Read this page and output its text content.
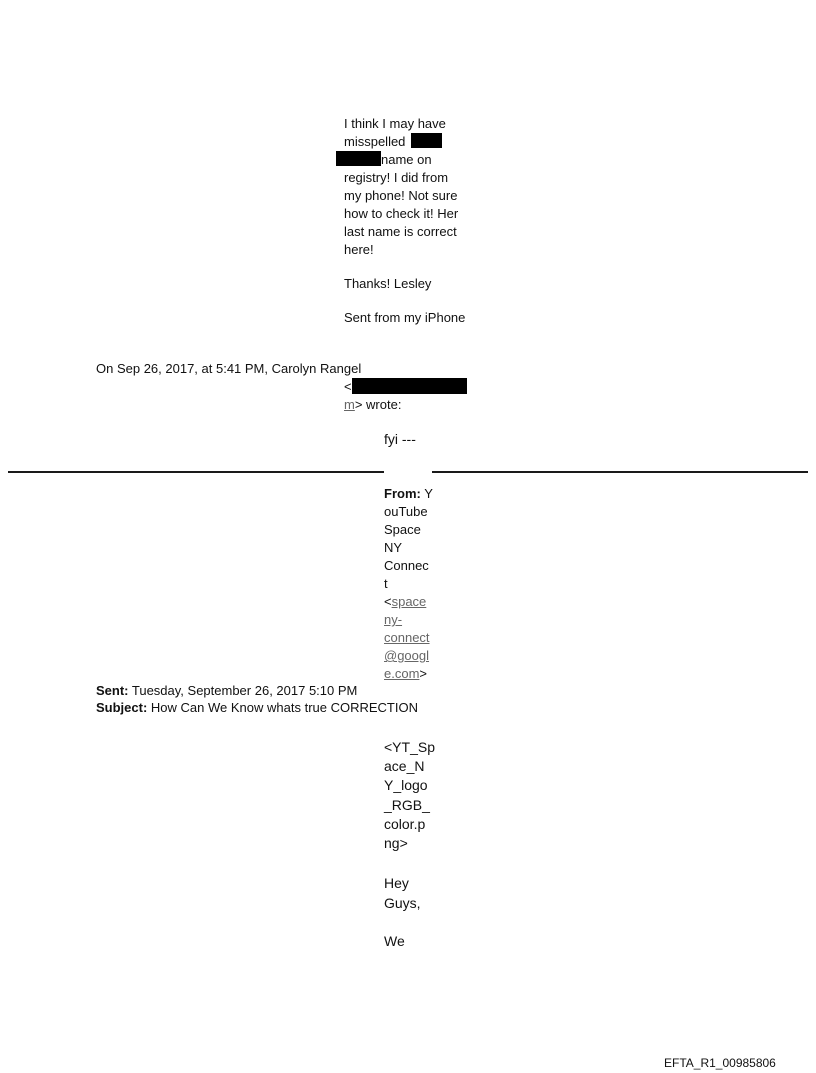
I think I may have
misspelled
name on
registry! I did from
my phone! Not sure
how to check it! Her
last name is correct
here!
Thanks! Lesley
Sent from my iPhone
On Sep 26, 2017, at 5:41 PM, Carolyn Rangel
<
m> wrote:
fyi ---
From: Y
ouTube
Space
NY
Connec
t
<space
ny-
connect
@googl
e.com>
Sent: Tuesday, September 26, 2017 5:10 PM
Subject: How Can We Know whats true CORRECTION
<YT_Sp
ace_N
Y_logo
_RGB_
color.p
ng>
Hey
Guys,
We
EFTA_R1_00985806
